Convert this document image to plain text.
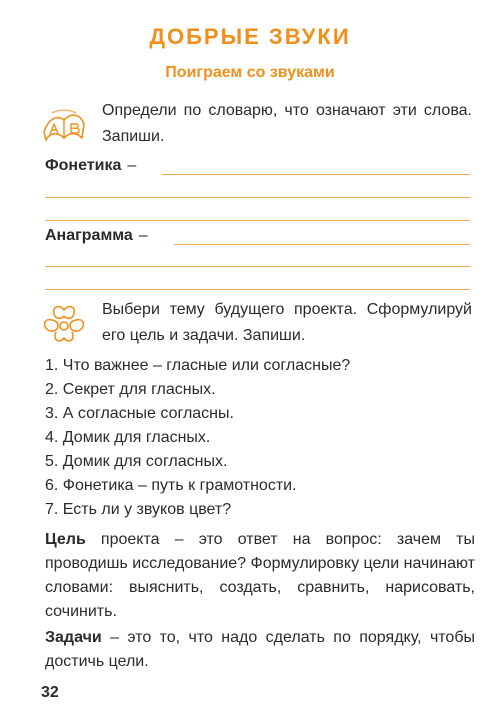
ДОБРЫЕ ЗВУКИ
Поиграем со звуками
Определи по словарю, что означают эти слова. Запиши.
Фонетика –
Анаграмма –
Выбери тему будущего проекта. Сформулируй его цель и задачи. Запиши.
1. Что важнее – гласные или согласные?
2. Секрет для гласных.
3. А согласные согласны.
4. Домик для гласных.
5. Домик для согласных.
6. Фонетика – путь к грамотности.
7. Есть ли у звуков цвет?
Цель проекта – это ответ на вопрос: зачем ты проводишь исследование? Формулировку цели начинают словами: выяснить, создать, сравнить, нарисовать, сочинить.
Задачи – это то, что надо сделать по порядку, чтобы достичь цели.
32
